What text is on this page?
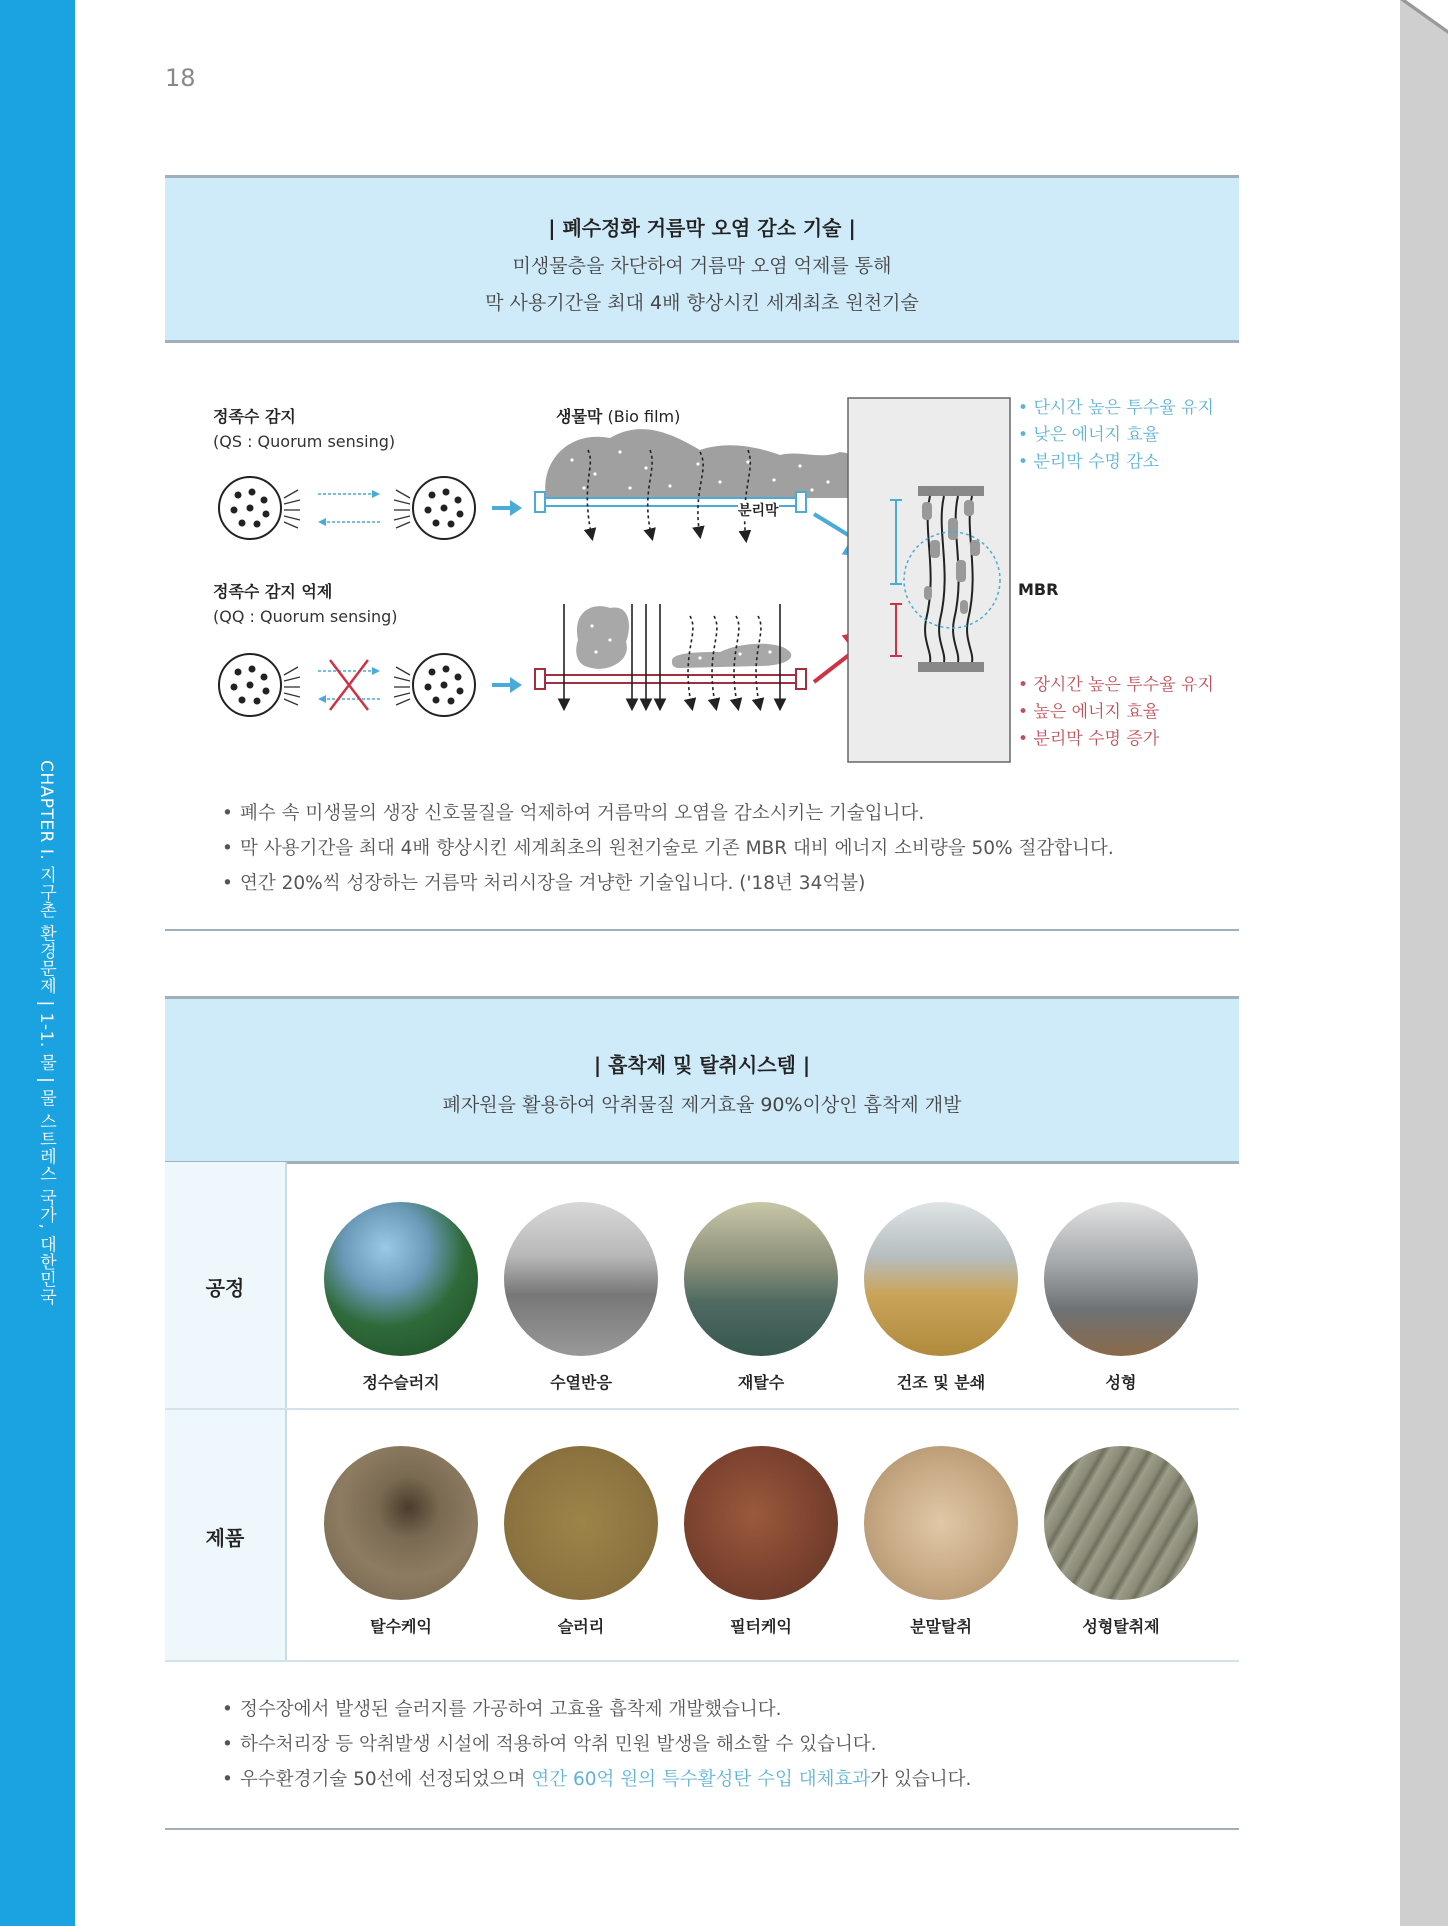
CHAPTER I. 지구촌 환경문제 | 1-1. 물 | 물 스트레스 국가, 대한민국
18
| 폐수정화 거름막 오염 감소 기술 |
미생물층을 차단하여 거름막 오염 억제를 통해
막 사용기간을 최대 4배 향상시킨 세계최초 원천기술
정족수 감지
(QS : Quorum sensing)
정족수 감지 억제
(QQ : Quorum sensing)
생물막 (Bio film)
•	단시간 높은 투수율 유지
• 낮은 에너지 효율
• 분리막 수명 감소
MBR
• 장시간 높은 투수율 유지
• 높은 에너지 효율
• 분리막 수명 증가
분리막
• 폐수 속 미생물의 생장 신호물질을 억제하여 거름막의 오염을 감소시키는 기술입니다.
• 막 사용기간을 최대 4배 향상시킨 세계최초의 원천기술로 기존 MBR 대비 에너지 소비량을 50% 절감합니다.
• 연간 20%씩 성장하는 거름막 처리시장을 겨냥한 기술입니다. ('18년 34억불)
| 흡착제 및 탈취시스템 |
폐자원을 활용하여 악취물질 제거효율 90%이상인 흡착제 개발
공정
제품
정수슬러지	수열반응	재탈수	건조 및 분쇄	성형
탈수케익	슬러리	필터케익	분말탈취	성형탈취제
• 정수장에서 발생된 슬러지를 가공하여 고효율 흡착제 개발했습니다.
• 하수처리장 등 악취발생 시설에 적용하여 악취 민원 발생을 해소할 수 있습니다.
• 우수환경기술 50선에 선정되었으며 연간 60억 원의 특수활성탄 수입 대체효과가 있습니다.
